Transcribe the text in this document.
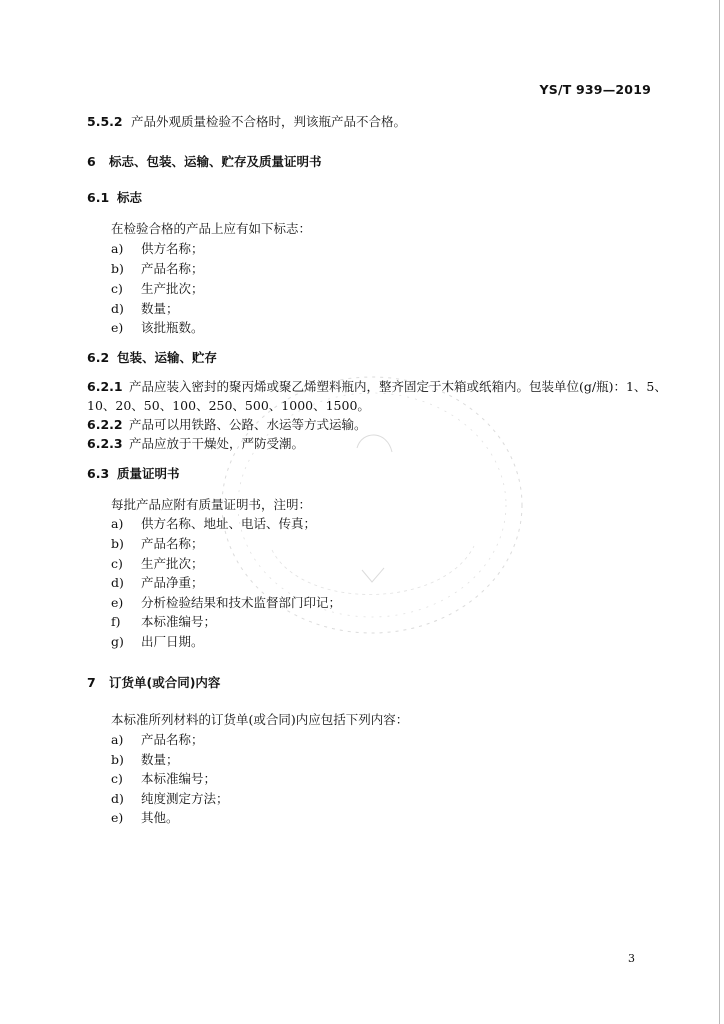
YS/T 939—2019
5.5.2 产品外观质量检验不合格时，判该瓶产品不合格。
6 标志、包装、运输、贮存及质量证明书
6.1 标志
在检验合格的产品上应有如下标志：
a) 供方名称；
b) 产品名称；
c) 生产批次；
d) 数量；
e) 该批瓶数。
6.2 包装、运输、贮存
6.2.1 产品应装入密封的聚丙烯或聚乙烯塑料瓶内，整齐固定于木箱或纸箱内。包装单位(g/瓶)：1、5、
10、20、50、100、250、500、1000、1500。
6.2.2 产品可以用铁路、公路、水运等方式运输。
6.2.3 产品应放于干燥处，严防受潮。
6.3 质量证明书
每批产品应附有质量证明书，注明：
a) 供方名称、地址、电话、传真；
b) 产品名称；
c) 生产批次；
d) 产品净重；
e) 分析检验结果和技术监督部门印记；
f) 本标准编号；
g) 出厂日期。
7 订货单(或合同)内容
本标准所列材料的订货单(或合同)内应包括下列内容：
a) 产品名称；
b) 数量；
c) 本标准编号；
d) 纯度测定方法；
e) 其他。
3
